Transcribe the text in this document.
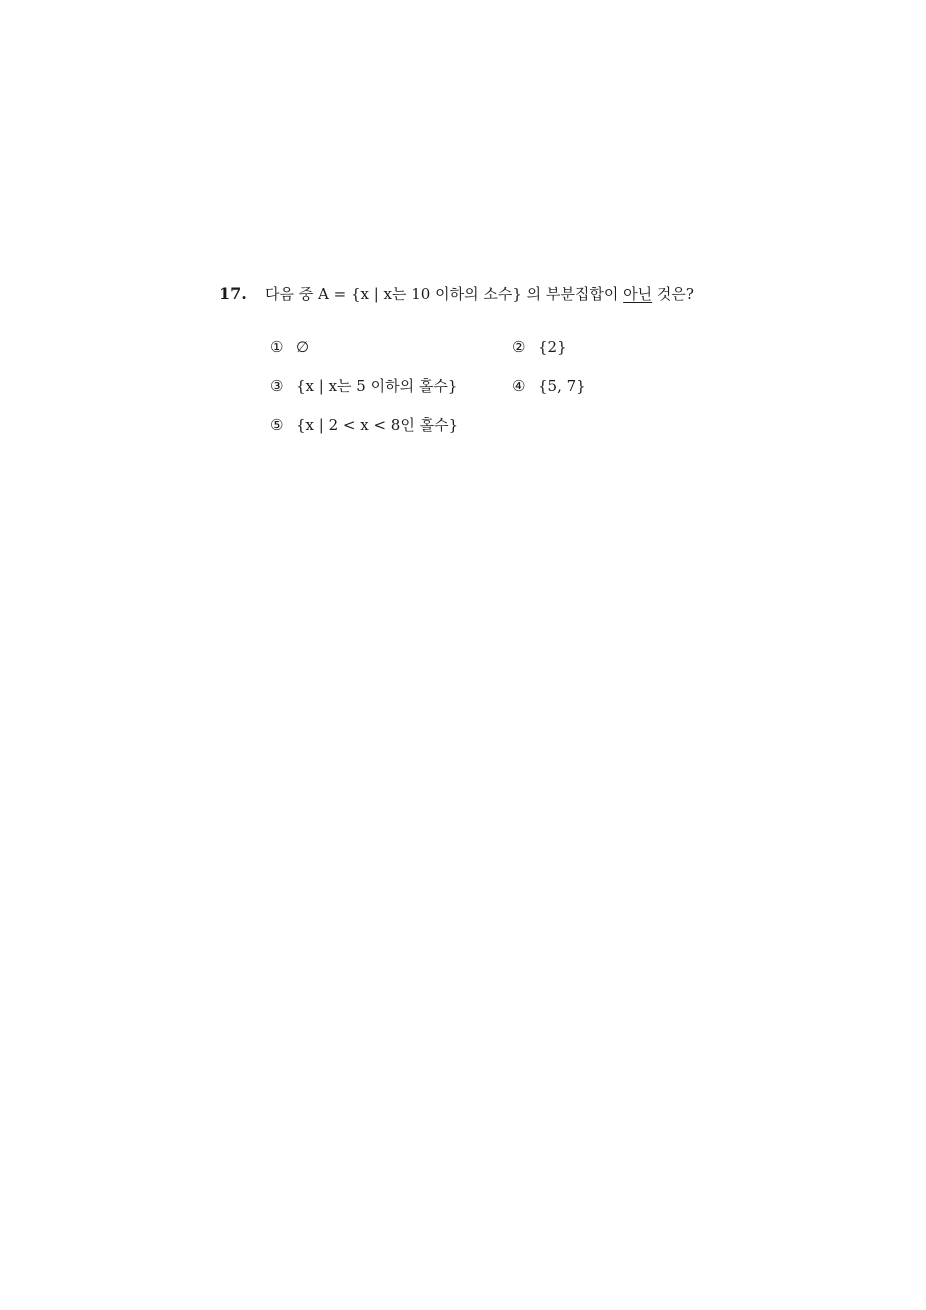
17.	다음 중 A = {x | x는 10 이하의 소수} 의 부분집합이 아닌 것은?
① ∅	② {2}
③ {x | x는 5 이하의 홀수}	④ {5, 7}
⑤ {x | 2 < x < 8인 홀수}
